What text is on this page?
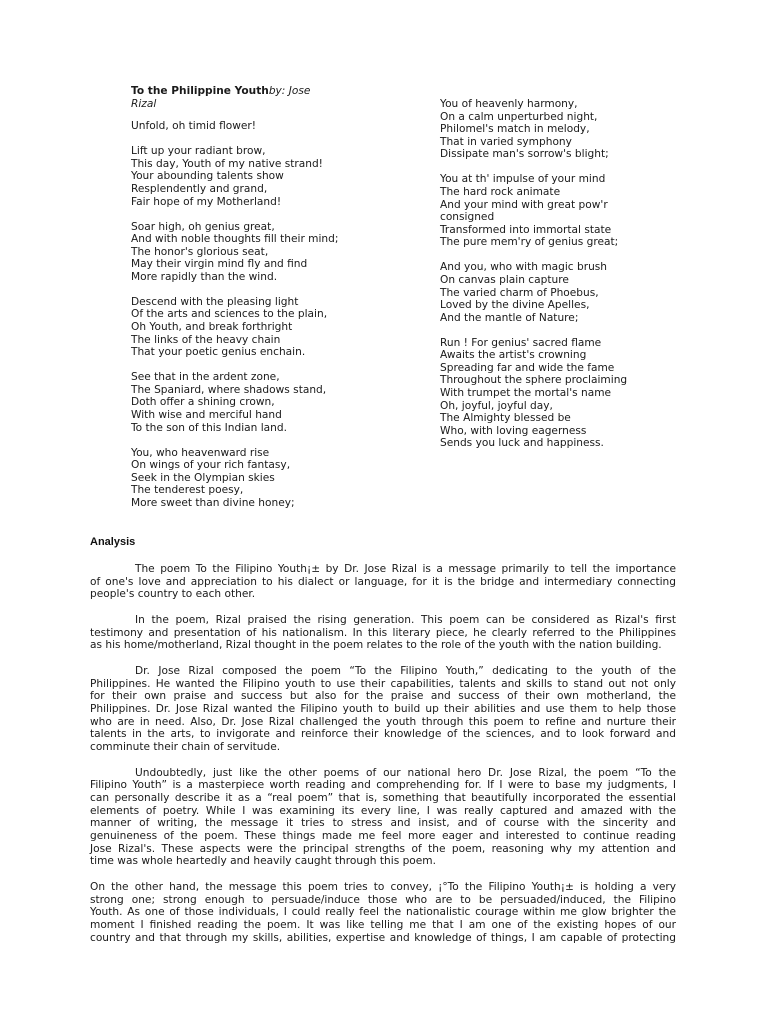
To the Philippine Youthby: Jose
Rizal
Unfold, oh timid flower!
Lift up your radiant brow,
This day, Youth of my native strand!
Your abounding talents show
Resplendently and grand,
Fair hope of my Motherland!
Soar high, oh genius great,
And with noble thoughts fill their mind;
The honor's glorious seat,
May their virgin mind fly and find
More rapidly than the wind.
Descend with the pleasing light
Of the arts and sciences to the plain,
Oh Youth, and break forthright
The links of the heavy chain
That your poetic genius enchain.
See that in the ardent zone,
The Spaniard, where shadows stand,
Doth offer a shining crown,
With wise and merciful hand
To the son of this Indian land.
You, who heavenward rise
On wings of your rich fantasy,
Seek in the Olympian skies
The tenderest poesy,
More sweet than divine honey;
You of heavenly harmony,
On a calm unperturbed night,
Philomel's match in melody,
That in varied symphony
Dissipate man's sorrow's blight;
You at th' impulse of your mind
The hard rock animate
And your mind with great pow'r
consigned
Transformed into immortal state
The pure mem'ry of genius great;
And you, who with magic brush
On canvas plain capture
The varied charm of Phoebus,
Loved by the divine Apelles,
And the mantle of Nature;
Run ! For genius' sacred flame
Awaits the artist's crowning
Spreading far and wide the fame
Throughout the sphere proclaiming
With trumpet the mortal's name
Oh, joyful, joyful day,
The Almighty blessed be
Who, with loving eagerness
Sends you luck and happiness.
Analysis
The poem To the Filipino Youth¡± by Dr. Jose Rizal is a message primarily to tell the importance
of one's love and appreciation to his dialect or language, for it is the bridge and intermediary connecting
people's country to each other.
In the poem, Rizal praised the rising generation. This poem can be considered as Rizal's first
testimony and presentation of his nationalism. In this literary piece, he clearly referred to the Philippines
as his home/motherland, Rizal thought in the poem relates to the role of the youth with the nation building.
Dr. Jose Rizal composed the poem “To the Filipino Youth,” dedicating to the youth of the
Philippines. He wanted the Filipino youth to use their capabilities, talents and skills to stand out not only
for their own praise and success but also for the praise and success of their own motherland, the
Philippines. Dr. Jose Rizal wanted the Filipino youth to build up their abilities and use them to help those
who are in need. Also, Dr. Jose Rizal challenged the youth through this poem to refine and nurture their
talents in the arts, to invigorate and reinforce their knowledge of the sciences, and to look forward and
comminute their chain of servitude.
Undoubtedly, just like the other poems of our national hero Dr. Jose Rizal, the poem “To the
Filipino Youth” is a masterpiece worth reading and comprehending for. If I were to base my judgments, I
can personally describe it as a “real poem” that is, something that beautifully incorporated the essential
elements of poetry. While I was examining its every line, I was really captured and amazed with the
manner of writing, the message it tries to stress and insist, and of course with the sincerity and
genuineness of the poem. These things made me feel more eager and interested to continue reading
Jose Rizal's. These aspects were the principal strengths of the poem, reasoning why my attention and
time was whole heartedly and heavily caught through this poem.
On the other hand, the message this poem tries to convey, ¡°To the Filipino Youth¡± is holding a very
strong one; strong enough to persuade/induce those who are to be persuaded/induced, the Filipino
Youth. As one of those individuals, I could really feel the nationalistic courage within me glow brighter the
moment I finished reading the poem. It was like telling me that I am one of the existing hopes of our
country and that through my skills, abilities, expertise and knowledge of things, I am capable of protecting
